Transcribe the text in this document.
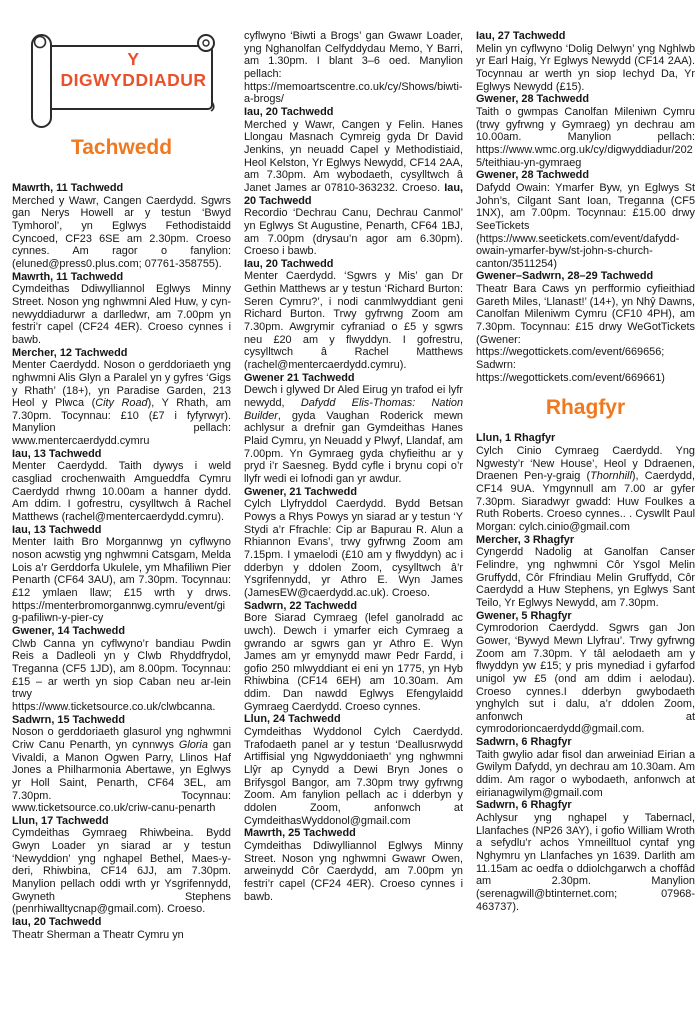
Y
DIGWYDDIADUR
Tachwedd

Mawrth, 11 Tachwedd
Merched y Wawr, Cangen Caerdydd. Sgwrs gan Nerys Howell ar y testun ‘Bwyd Tymhorol’, yn Eglwys Fethodistaidd Cyncoed, CF23 6SE am 2.30pm. Croeso cynnes. Am ragor o fanylion: (eluned@press0.plus.com; 07761-358755).

Mawrth, 11 Tachwedd
Cymdeithas Ddiwylliannol Eglwys Minny Street. Noson yng nghwmni Aled Huw, y cyn-newyddiadurwr a darlledwr, am 7.00pm yn festri’r capel (CF24 4ER). Croeso cynnes i bawb.

Mercher, 12 Tachwedd
Menter Caerdydd. Noson o gerddoriaeth yng nghwmni Alis Glyn a Paralel yn y gyfres ‘Gigs y Rhath’ (18+), yn Paradise Garden, 213 Heol y Plwca (City Road), Y Rhath, am 7.30pm. Tocynnau: £10 (£7 i fyfyrwyr). Manylion pellach: www.mentercaerdydd.cymru

Iau, 13 Tachwedd
Menter Caerdydd. Taith dywys i weld casgliad crochenwaith Amgueddfa Cymru Caerdydd rhwng 10.00am a hanner dydd. Am ddim. I gofrestru, cysylltwch â Rachel Matthews (rachel@mentercaerdydd.cymru).

Iau, 13 Tachwedd
Menter Iaith Bro Morgannwg yn cyflwyno noson acwstig yng nghwmni Catsgam, Melda Lois a’r Gerddorfa Ukulele, ym Mhafiliwn Pier Penarth (CF64 3AU), am 7.30pm. Tocynnau: £12 ymlaen llaw; £15 wrth y drws. https://menterbromorgannwg.cymru/event/gig-pafiliwn-y-pier-cy

Gwener, 14 Tachwedd
Clwb Canna yn cyflwyno’r bandiau Pwdin Reis a Dadleoli yn y Clwb Rhyddfrydol, Treganna (CF5 1JD), am 8.00pm. Tocynnau: £15 – ar werth yn siop Caban neu ar-lein trwy https://www.ticketsource.co.uk/clwbcanna.

Sadwrn, 15 Tachwedd
Noson o gerddoriaeth glasurol yng nghwmni Criw Canu Penarth, yn cynnwys Gloria gan Vivaldi, a Manon Ogwen Parry, Llinos Haf Jones a Philharmonia Abertawe, yn Eglwys yr Holl Saint, Penarth, CF64 3EL, am 7.30pm. Tocynnau: www.ticketsource.co.uk/criw-canu-penarth

Llun, 17 Tachwedd
Cymdeithas Gymraeg Rhiwbeina. Bydd Gwyn Loader yn siarad ar y testun ‘Newyddion’ yng nghapel Bethel, Maes-y-deri, Rhiwbina, CF14 6JJ, am 7.30pm. Manylion pellach oddi wrth yr Ysgrifennydd, Gwyneth Stephens (penrhiwalltycnap@gmail.com). Croeso.

Iau, 20 Tachwedd
Theatr Sherman a Theatr Cymru yn

cyflwyno ‘Biwti a Brogs’ gan Gwawr Loader, yng Nghanolfan Celfyddydau Memo, Y Barri, am 1.30pm. I blant 3–6 oed. Manylion pellach: https://memoartscentre.co.uk/cy/Shows/biwti-a-brogs/

Iau, 20 Tachwedd
Merched y Wawr, Cangen y Felin. Hanes Llongau Masnach Cymreig gyda Dr David Jenkins, yn neuadd Capel y Methodistiaid, Heol Kelston, Yr Eglwys Newydd, CF14 2AA, am 7.30pm. Am wybodaeth, cysylltwch â Janet James ar 07810-363232. Croeso. Iau, 20 Tachwedd

Recordio ‘Dechrau Canu, Dechrau Canmol’ yn Eglwys St Augustine, Penarth, CF64 1BJ, am 7.00pm (drysau’n agor am 6.30pm). Croeso i bawb.

Iau, 20 Tachwedd
Menter Caerdydd. ‘Sgwrs y Mis’ gan Dr Gethin Matthews ar y testun ‘Richard Burton: Seren Cymru?’, i nodi canmlwyddiant geni Richard Burton. Trwy gyfrwng Zoom am 7.30pm. Awgrymir cyfraniad o £5 y sgwrs neu £20 am y flwyddyn. I gofrestru, cysylltwch â Rachel Matthews (rachel@mentercaerdydd.cymru).

Gwener 21 Tachwedd
Dewch i glywed Dr Aled Eirug yn trafod ei lyfr newydd, Dafydd Elis-Thomas: Nation Builder, gyda Vaughan Roderick mewn achlysur a drefnir gan Gymdeithas Hanes Plaid Cymru, yn Neuadd y Plwyf, Llandaf, am 7.00pm. Yn Gymraeg gyda chyfieithu ar y pryd i’r Saesneg. Bydd cyfle i brynu copi o’r llyfr wedi ei lofnodi gan yr awdur.

Gwener, 21 Tachwedd
Cylch Llyfryddol Caerdydd. Bydd Betsan Powys a Rhys Powys yn siarad ar y testun ‘Y Stydi a’r Ffrachle: Cip ar Bapurau R. Alun a Rhiannon Evans’, trwy gyfrwng Zoom am 7.15pm. I ymaelodi (£10 am y flwyddyn) ac i dderbyn y ddolen Zoom, cysylltwch â’r Ysgrifennydd, yr Athro E. Wyn James (JamesEW@caerdydd.ac.uk). Croeso.

Sadwrn, 22 Tachwedd
Bore Siarad Cymraeg (lefel ganolradd ac uwch). Dewch i ymarfer eich Cymraeg a gwrando ar sgwrs gan yr Athro E. Wyn James am yr emynydd mawr Pedr Fardd, i gofio 250 mlwyddiant ei eni yn 1775, yn Hyb Rhiwbina (CF14 6EH) am 10.30am. Am ddim. Dan nawdd Eglwys Efengylaidd Gymraeg Caerdydd. Croeso cynnes.

Llun, 24 Tachwedd
Cymdeithas Wyddonol Cylch Caerdydd. Trafodaeth panel ar y testun ‘Deallusrwydd Artiffisial yng Ngwyddoniaeth’ yng nghwmni Llŷr ap Cynydd a Dewi Bryn Jones o Brifysgol Bangor, am 7.30pm trwy gyfrwng Zoom. Am fanylion pellach ac i dderbyn y ddolen Zoom, anfonwch at CymdeithasWyddonol@gmail.com

Mawrth, 25 Tachwedd
Cymdeithas Ddiwylliannol Eglwys Minny Street. Noson yng nghwmni Gwawr Owen, arweinydd Côr Caerdydd, am 7.00pm yn festri’r capel (CF24 4ER). Croeso cynnes i bawb.

Iau, 27 Tachwedd
Melin yn cyflwyno ‘Dolig Delwyn’ yng Nghlwb yr Earl Haig, Yr Eglwys Newydd (CF14 2AA). Tocynnau ar werth yn siop Iechyd Da, Yr Eglwys Newydd (£15).

Gwener, 28 Tachwedd
Taith o gwmpas Canolfan Mileniwn Cymru (trwy gyfrwng y Gymraeg) yn dechrau am 10.00am. Manylion pellach: https://www.wmc.org.uk/cy/digwyddiadur/2025/teithiau-yn-gymraeg

Gwener, 28 Tachwedd
Dafydd Owain: Ymarfer Byw, yn Eglwys St John’s, Cilgant Sant Ioan, Treganna (CF5 1NX), am 7.00pm. Tocynnau: £15.00 drwy SeeTickets (https://www.seetickets.com/event/dafydd-owain-ymarfer-byw/st-john-s-church-canton/3511254)

Gwener–Sadwrn, 28–29 Tachwedd
Theatr Bara Caws yn perfformio cyfieithiad Gareth Miles, ‘Llanast!’ (14+), yn Nhŷ Dawns, Canolfan Mileniwm Cymru (CF10 4PH), am 7.30pm. Tocynnau: £15 drwy WeGotTickets (Gwener: https://wegottickets.com/event/669656; Sadwrn: https://wegottickets.com/event/669661)

Rhagfyr

Llun, 1 Rhagfyr
Cylch Cinio Cymraeg Caerdydd. Yng Ngwesty’r ‘New House’, Heol y Ddraenen, Draenen Pen-y-graig (Thornhill), Caerdydd, CF14 9UA. Ymgynnull am 7.00 ar gyfer 7.30pm. Siaradwyr gwadd: Huw Foulkes a Ruth Roberts. Croeso cynnes.. . Cyswllt Paul Morgan: cylch.cinio@gmail.com

Mercher, 3 Rhagfyr
Cyngerdd Nadolig at Ganolfan Canser Felindre, yng nghwmni Côr Ysgol Melin Gruffydd, Côr Ffrindiau Melin Gruffydd, Côr Caerdydd a Huw Stephens, yn Eglwys Sant Teilo, Yr Eglwys Newydd, am 7.30pm.

Gwener, 5 Rhagfyr
Cymrodorion Caerdydd. Sgwrs gan Jon Gower, ‘Bywyd Mewn Llyfrau’. Trwy gyfrwng Zoom am 7.30pm. Y tâl aelodaeth am y flwyddyn yw £15; y pris mynediad i gyfarfod unigol yw £5 (ond am ddim i aelodau). Croeso cynnes.I dderbyn gwybodaeth ynghylch sut i dalu, a’r ddolen Zoom, anfonwch at cymrodorioncaerdydd@gmail.com.

Sadwrn, 6 Rhagfyr
Taith gwylio adar fisol dan arweiniad Eirian a Gwilym Dafydd, yn dechrau am 10.30am. Am ddim. Am ragor o wybodaeth, anfonwch at eirianagwilym@gmail.com

Sadwrn, 6 Rhagfyr
Achlysur yng nghapel y Tabernacl, Llanfaches (NP26 3AY), i gofio William Wroth a sefydlu’r achos Ymneilltuol cyntaf yng Nghymru yn Llanfaches yn 1639. Darlith am 11.15am ac oedfa o ddiolchgarwch a choffâd am 2.30pm. Manylion (serenagwill@btinternet.com; 07968-463737).
